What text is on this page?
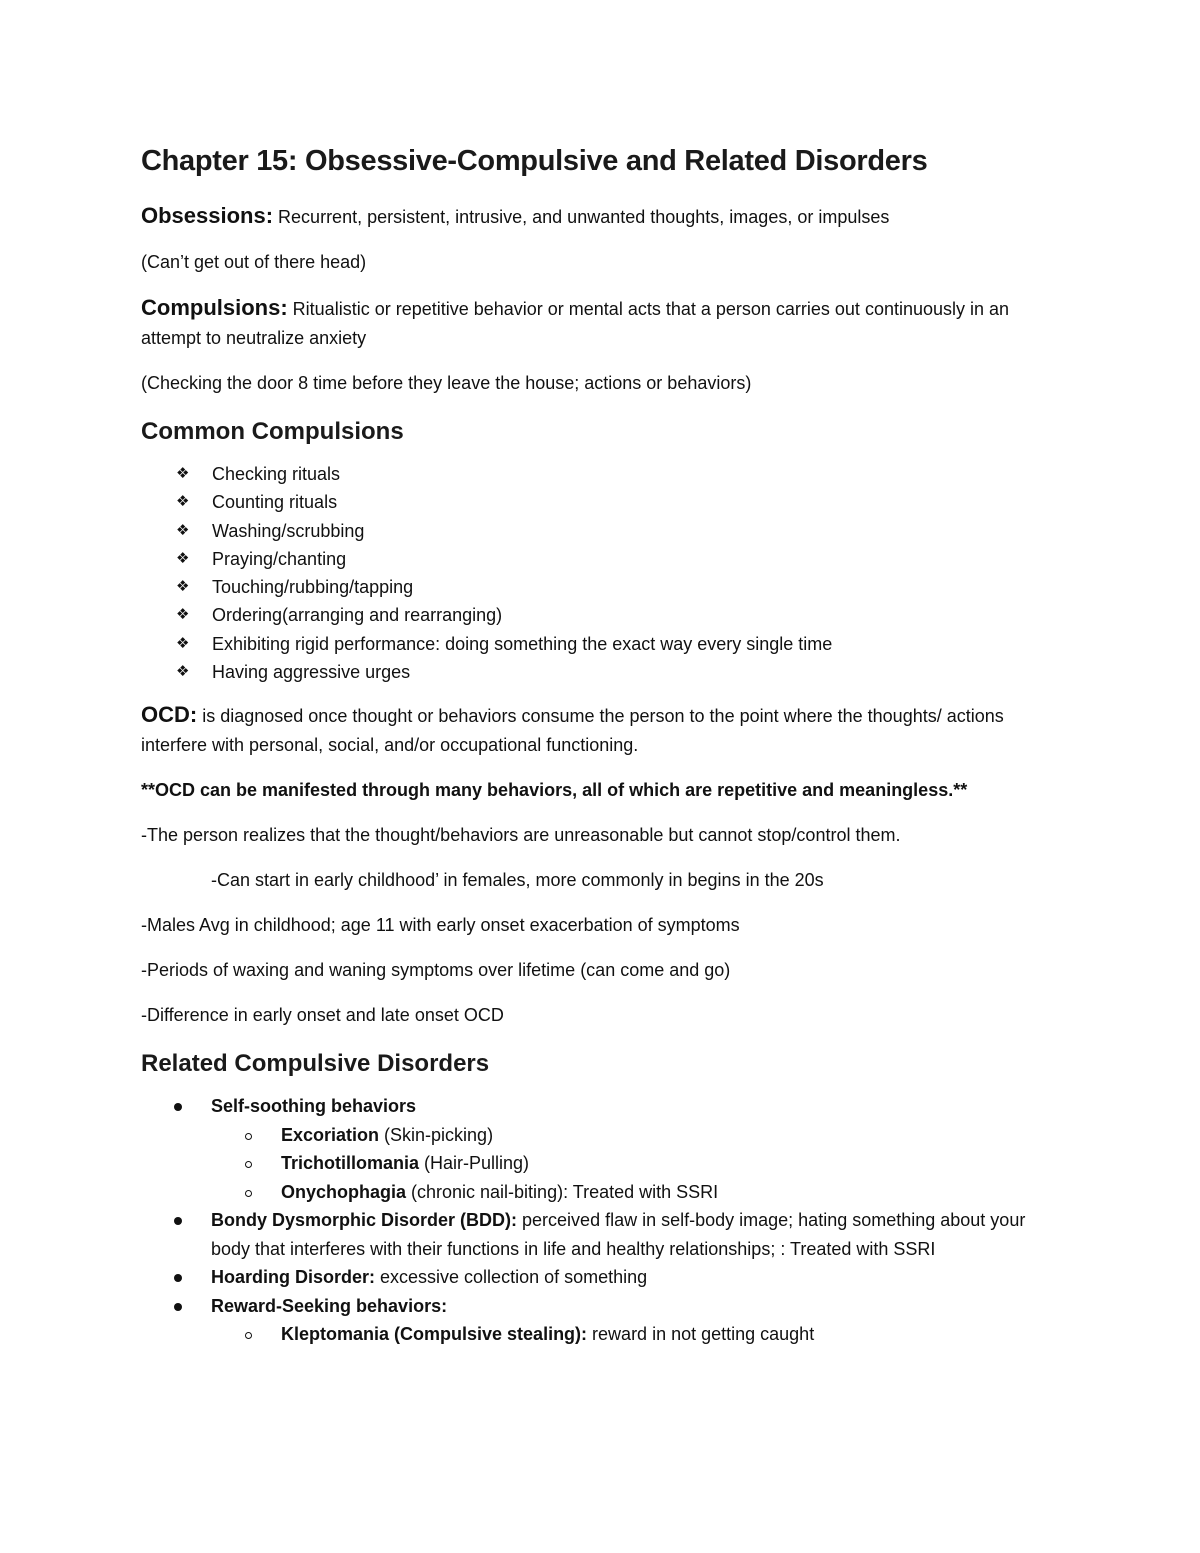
Chapter 15: Obsessive-Compulsive and Related Disorders
Obsessions: Recurrent, persistent, intrusive, and unwanted thoughts, images, or impulses
(Can’t get out of there head)
Compulsions: Ritualistic or repetitive behavior or mental acts that a person carries out continuously in an attempt to neutralize anxiety
(Checking the door 8 time before they leave the house; actions or behaviors)
Common Compulsions
❖	Checking rituals
❖	Counting rituals
❖	Washing/scrubbing
❖	Praying/chanting
❖	Touching/rubbing/tapping
❖	Ordering(arranging and rearranging)
❖	Exhibiting rigid performance: doing something the exact way every single time
❖	Having aggressive urges
OCD: is diagnosed once thought or behaviors consume the person to the point where the thoughts/ actions interfere with personal, social, and/or occupational functioning.
**OCD can be manifested through many behaviors, all of which are repetitive and meaningless.**
-The person realizes that the thought/behaviors are unreasonable but cannot stop/control them.
-Can start in early childhood’ in females, more commonly in begins in the 20s
-Males Avg in childhood; age 11 with early onset exacerbation of symptoms
-Periods of waxing and waning symptoms over lifetime (can come and go)
-Difference in early onset and late onset OCD
Related Compulsive Disorders
Self-soothing behaviors
Excoriation (Skin-picking)
Trichotillomania (Hair-Pulling)
Onychophagia (chronic nail-biting): Treated with SSRI
Bondy Dysmorphic Disorder (BDD): perceived flaw in self-body image; hating something about your body that interferes with their functions in life and healthy relationships; : Treated with SSRI
Hoarding Disorder: excessive collection of something
Reward-Seeking behaviors:
Kleptomania (Compulsive stealing): reward in not getting caught
